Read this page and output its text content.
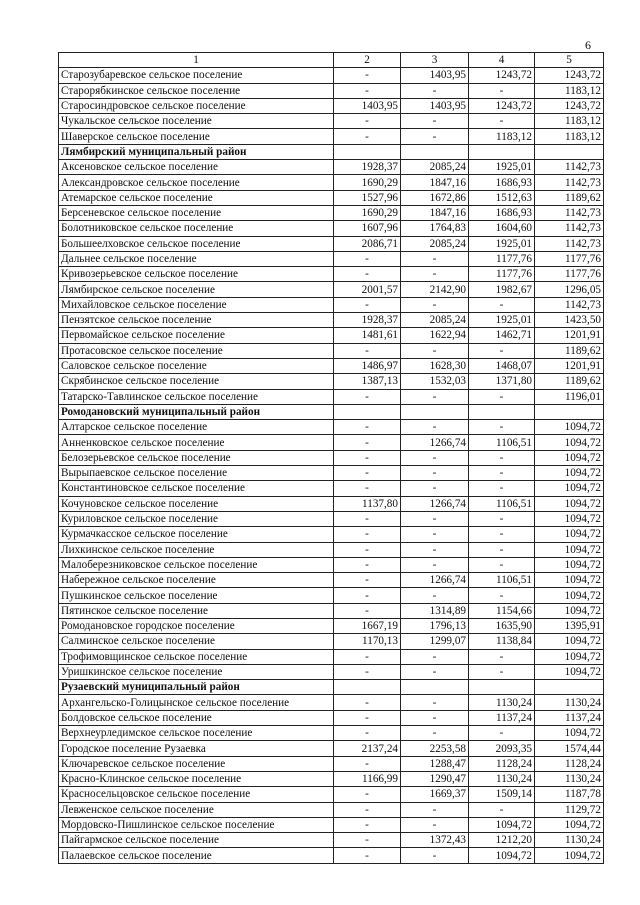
6
1	2	3	4	5
Старозубаревское сельское поселение	-	1403,95	1243,72	1243,72
Старорябкинское сельское поселение	-	-	-	1183,12
Старосиндровское сельское поселение	1403,95	1403,95	1243,72	1243,72
Чукальское сельское поселение	-	-	-	1183,12
Шаверское сельское поселение	-	-	1183,12	1183,12
Лямбирский муниципальный район				
Аксеновское сельское поселение	1928,37	2085,24	1925,01	1142,73
Александровское сельское поселение	1690,29	1847,16	1686,93	1142,73
Атемарское сельское поселение	1527,96	1672,86	1512,63	1189,62
Берсеневское сельское поселение	1690,29	1847,16	1686,93	1142,73
Болотниковское сельское поселение	1607,96	1764,83	1604,60	1142,73
Большеелховское сельское поселение	2086,71	2085,24	1925,01	1142,73
Дальнее сельское поселение	-	-	1177,76	1177,76
Кривозерьевское сельское поселение	-	-	1177,76	1177,76
Лямбирское сельское поселение	2001,57	2142,90	1982,67	1296,05
Михайловское сельское поселение	-	-	-	1142,73
Пензятское сельское поселение	1928,37	2085,24	1925,01	1423,50
Первомайское сельское поселение	1481,61	1622,94	1462,71	1201,91
Протасовское сельское поселение	-	-	-	1189,62
Саловское сельское поселение	1486,97	1628,30	1468,07	1201,91
Скрябинское сельское поселение	1387,13	1532,03	1371,80	1189,62
Татарско-Тавлинское сельское поселение	-	-	-	1196,01
Ромодановский муниципальный район				
Алтарское сельское поселение	-	-	-	1094,72
Анненковское сельское поселение	-	1266,74	1106,51	1094,72
Белозерьевское сельское поселение	-	-	-	1094,72
Вырыпаевское сельское поселение	-	-	-	1094,72
Константиновское сельское поселение	-	-	-	1094,72
Кочуновское сельское поселение	1137,80	1266,74	1106,51	1094,72
Куриловское сельское поселение	-	-	-	1094,72
Курмачкасское сельское поселение	-	-	-	1094,72
Лихкинское сельское поселение	-	-	-	1094,72
Малоберезниковское сельское поселение	-	-	-	1094,72
Набережное сельское поселение	-	1266,74	1106,51	1094,72
Пушкинское сельское поселение	-	-	-	1094,72
Пятинское сельское поселение	-	1314,89	1154,66	1094,72
Ромодановское городское поселение	1667,19	1796,13	1635,90	1395,91
Салминское сельское поселение	1170,13	1299,07	1138,84	1094,72
Трофимовщинское сельское поселение	-	-	-	1094,72
Уришкинское сельское поселение	-	-	-	1094,72
Рузаевский муниципальный район				
Архангельско-Голицынское сельское поселение	-	-	1130,24	1130,24
Болдовское сельское поселение	-	-	1137,24	1137,24
Верхнеурледимское сельское поселение	-	-	-	1094,72
Городское поселение Рузаевка	2137,24	2253,58	2093,35	1574,44
Ключаревское сельское поселение	-	1288,47	1128,24	1128,24
Красно-Клинское сельское поселение	1166,99	1290,47	1130,24	1130,24
Красносельцовское сельское поселение	-	1669,37	1509,14	1187,78
Левженское сельское поселение	-	-	-	1129,72
Мордовско-Пишлинское сельское поселение	-	-	1094,72	1094,72
Пайгармское сельское поселение	-	1372,43	1212,20	1130,24
Палаевское сельское поселение	-	-	1094,72	1094,72
